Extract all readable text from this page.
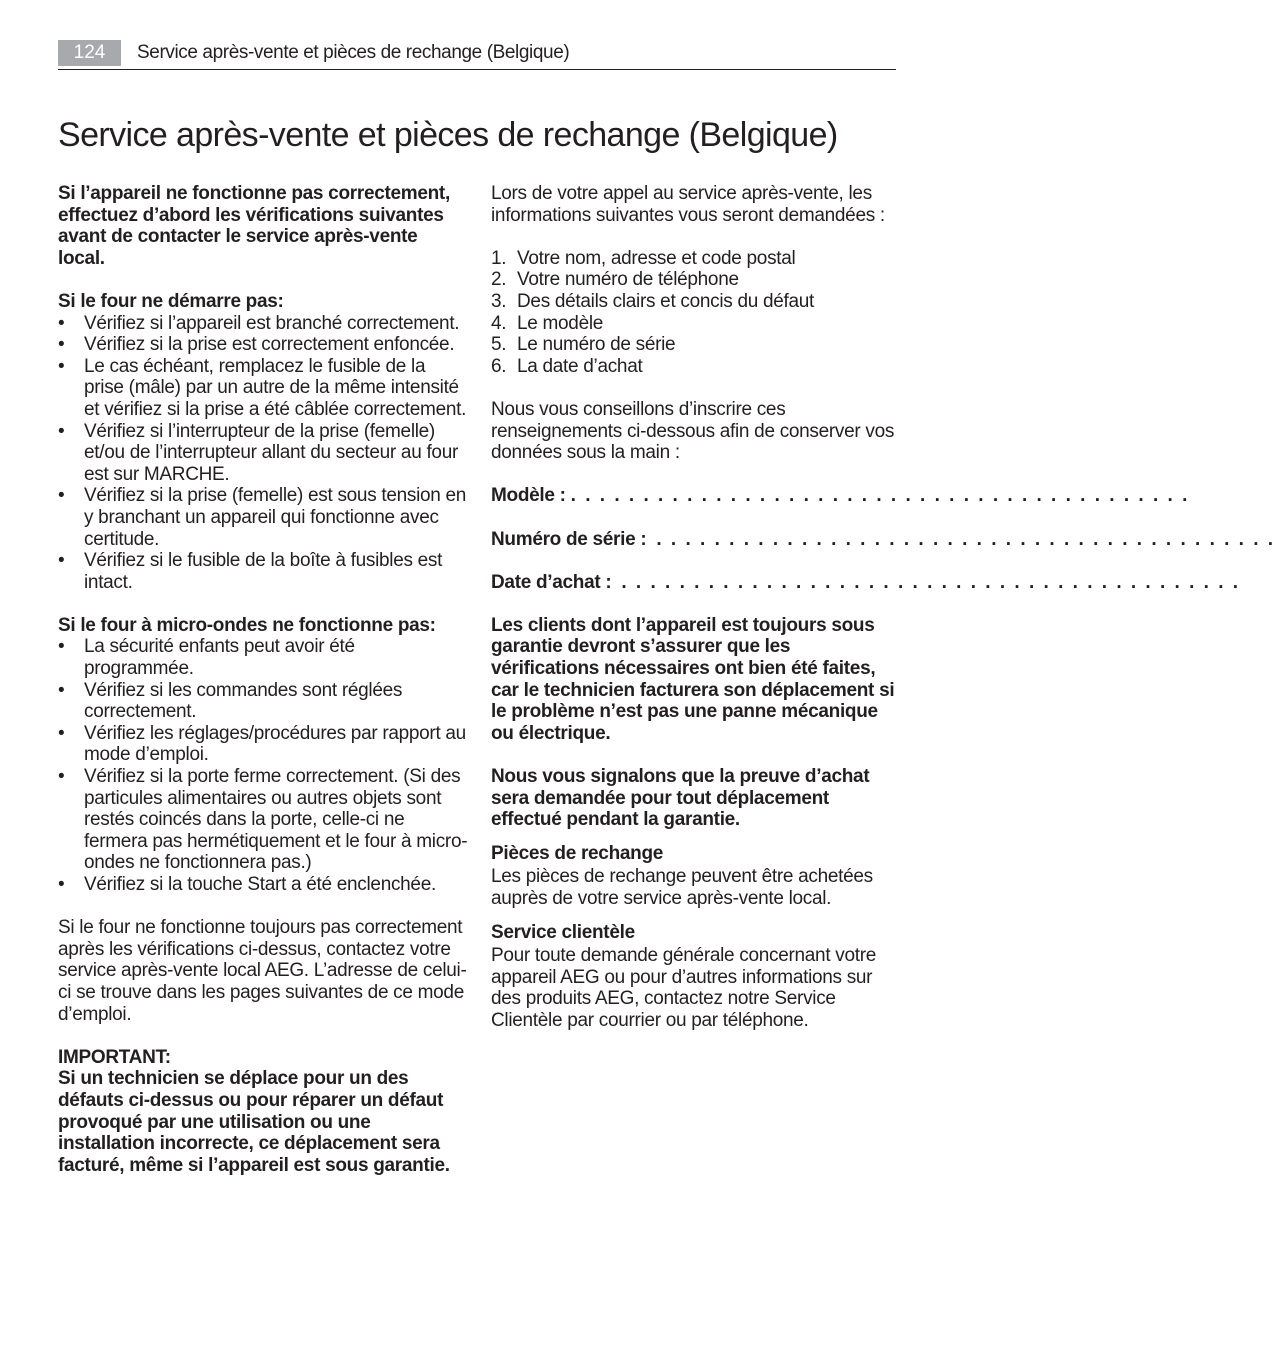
124	Service après-vente et pièces de rechange (Belgique)
Service après-vente et pièces de rechange (Belgique)

Si l’appareil ne fonctionne pas correctement, effectuez d’abord les vérifications suivantes avant de contacter le service après-vente local.

Si le four ne démarre pas:

• Vérifiez si l’appareil est branché correctement.
• Vérifiez si la prise est correctement enfoncée.
• Le cas échéant, remplacez le fusible de la prise (mâle) par un autre de la même intensité et vérifiez si la prise a été câblée correctement.
• Vérifiez si l’interrupteur de la prise (femelle) et/ou de l’interrupteur allant du secteur au four est sur MARCHE.
• Vérifiez si la prise (femelle) est sous tension en y branchant un appareil qui fonctionne avec certitude.
• Vérifiez si le fusible de la boîte à fusibles est intact.

Si le four à micro-ondes ne fonctionne pas:

• La sécurité enfants peut avoir été programmée.
• Vérifiez si les commandes sont réglées correctement.
• Vérifiez les réglages/procédures par rapport au mode d’emploi.
• Vérifiez si la porte ferme correctement. (Si des particules alimentaires ou autres objets sont restés coincés dans la porte, celle-ci ne fermera pas hermétiquement et le four à micro-ondes ne fonctionnera pas.)
• Vérifiez si la touche Start a été enclenchée.

Si le four ne fonctionne toujours pas correctement après les vérifications ci-dessus, contactez votre service après-vente local AEG. L’adresse de celui-ci se trouve dans les pages suivantes de ce mode d’emploi.

IMPORTANT:

Si un technicien se déplace pour un des défauts ci-dessus ou pour réparer un défaut provoqué par une utilisation ou une installation incorrecte, ce déplacement sera facturé, même si l’appareil est sous garantie.

Lors de votre appel au service après-vente, les informations suivantes vous seront demandées :

1. Votre nom, adresse et code postal
2. Votre numéro de téléphone
3. Des détails clairs et concis du défaut
4. Le modèle
5. Le numéro de série
6. La date d’achat

Nous vous conseillons d’inscrire ces renseignements ci-dessous afin de conserver vos données sous la main :

Modèle :
. . . . . . . . . . . . . . . . . . . . . . . . . . . . . . . . . . . . . . . . . . .
Numéro de série :
. . . . . . . . . . . . . . . . . . . . . . . . . . . . . . . . . . . . . . . . . . .
Date d’achat :
. . . . . . . . . . . . . . . . . . . . . . . . . . . . . . . . . . . . . . . . . . .

Les clients dont l’appareil est toujours sous garantie devront s’assurer que les vérifications nécessaires ont bien été faites, car le technicien facturera son déplacement si le problème n’est pas une panne mécanique ou électrique.

Nous vous signalons que la preuve d’achat sera demandée pour tout déplacement effectué pendant la garantie.

Pièces de rechange

Les pièces de rechange peuvent être achetées auprès de votre service après-vente local.

Service clientèle

Pour toute demande générale concernant votre appareil AEG ou pour d’autres informations sur des produits AEG, contactez notre Service Clientèle par courrier ou par téléphone.
